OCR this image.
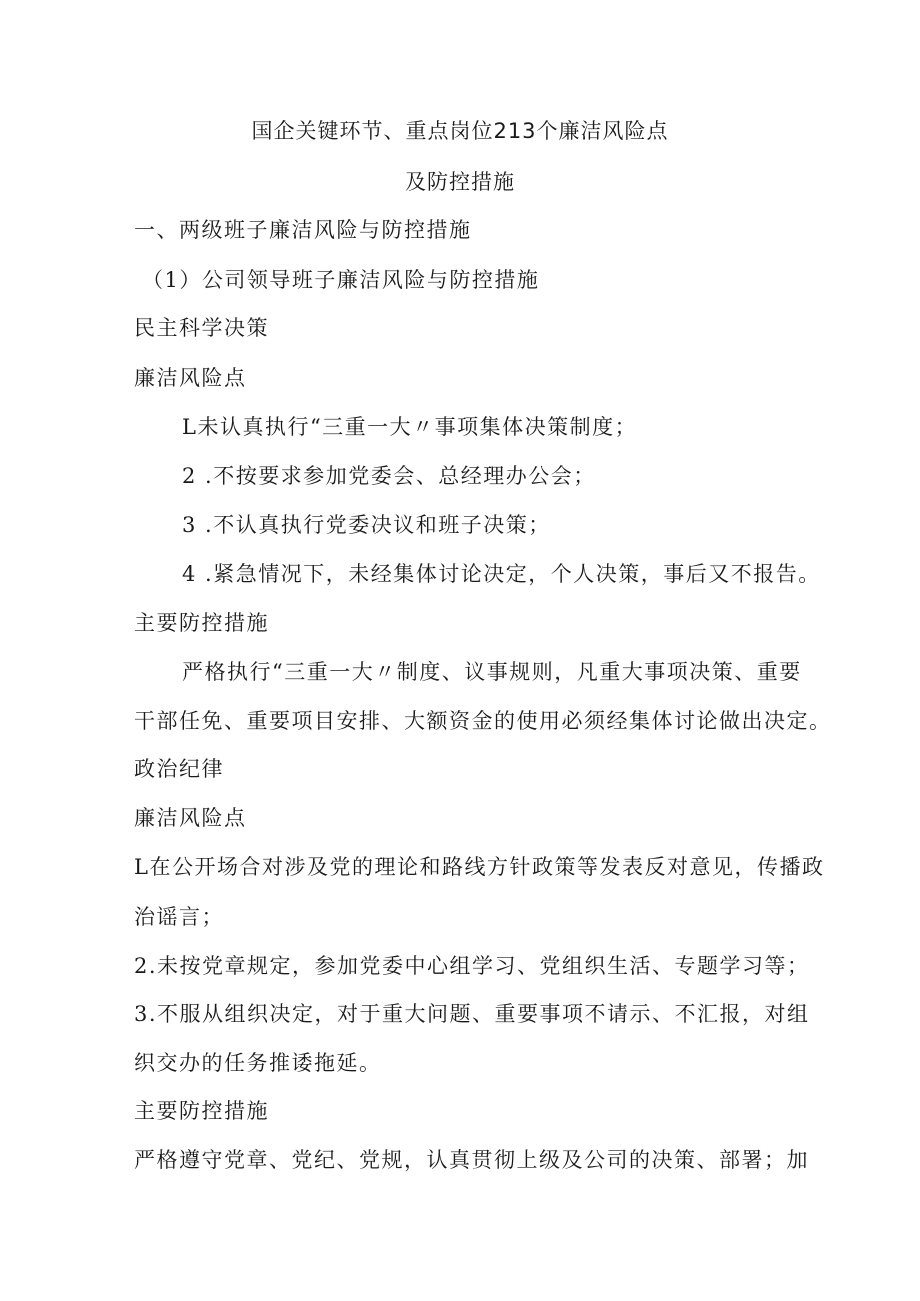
国企关键环节、重点岗位213个廉洁风险点
及防控措施
一、两级班子廉洁风险与防控措施
（1）公司领导班子廉洁风险与防控措施
民主科学决策
廉洁风险点
L未认真执行“三重一大〃事项集体决策制度；
2 .不按要求参加党委会、总经理办公会；
3 .不认真执行党委决议和班子决策；
4 .紧急情况下，未经集体讨论决定，个人决策，事后又不报告。
主要防控措施
严格执行“三重一大〃制度、议事规则，凡重大事项决策、重要
干部任免、重要项目安排、大额资金的使用必须经集体讨论做出决定。
政治纪律
廉洁风险点
L在公开场合对涉及党的理论和路线方针政策等发表反对意见，传播政
治谣言；
2.未按党章规定，参加党委中心组学习、党组织生活、专题学习等；
3.不服从组织决定，对于重大问题、重要事项不请示、不汇报，对组
织交办的任务推诿拖延。
主要防控措施
严格遵守党章、党纪、党规，认真贯彻上级及公司的决策、部署；加
